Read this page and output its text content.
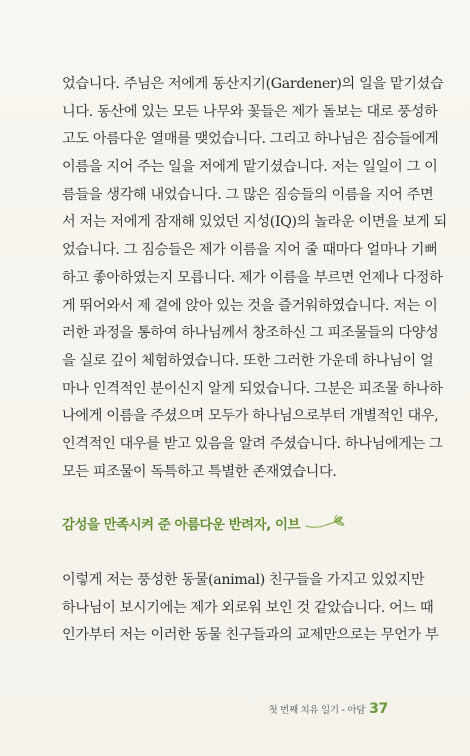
었습니다. 주님은 저에게 동산지기(Gardener)의 일을 맡기셨습
니다. 동산에 있는 모든 나무와 꽃들은 제가 돌보는 대로 풍성하
고도 아름다운 열매를 맺었습니다. 그리고 하나님은 짐승들에게
이름을 지어 주는 일을 저에게 맡기셨습니다. 저는 일일이 그 이
름들을 생각해 내었습니다. 그 많은 짐승들의 이름을 지어 주면
서 저는 저에게 잠재해 있었던 지성(IQ)의 놀라운 이면을 보게 되
었습니다. 그 짐승들은 제가 이름을 지어 줄 때마다 얼마나 기뻐
하고 좋아하였는지 모릅니다. 제가 이름을 부르면 언제나 다정하
게 뛰어와서 제 곁에 앉아 있는 것을 즐거워하였습니다. 저는 이
러한 과정을 통하여 하나님께서 창조하신 그 피조물들의 다양성
을 실로 깊이 체험하였습니다. 또한 그러한 가운데 하나님이 얼
마나 인격적인 분이신지 알게 되었습니다. 그분은 피조물 하나하
나에게 이름을 주셨으며 모두가 하나님으로부터 개별적인 대우,
인격적인 대우를 받고 있음을 알려 주셨습니다. 하나님에게는 그
모든 피조물이 독특하고 특별한 존재였습니다.
감성을 만족시켜 준 아름다운 반려자, 이브
이렇게 저는 풍성한 동물(animal) 친구들을 가지고 있었지만
하나님이 보시기에는 제가 외로워 보인 것 같았습니다. 어느 때
인가부터 저는 이러한 동물 친구들과의 교제만으로는 무언가 부
첫 번째 치유 일기 - 아담 37
